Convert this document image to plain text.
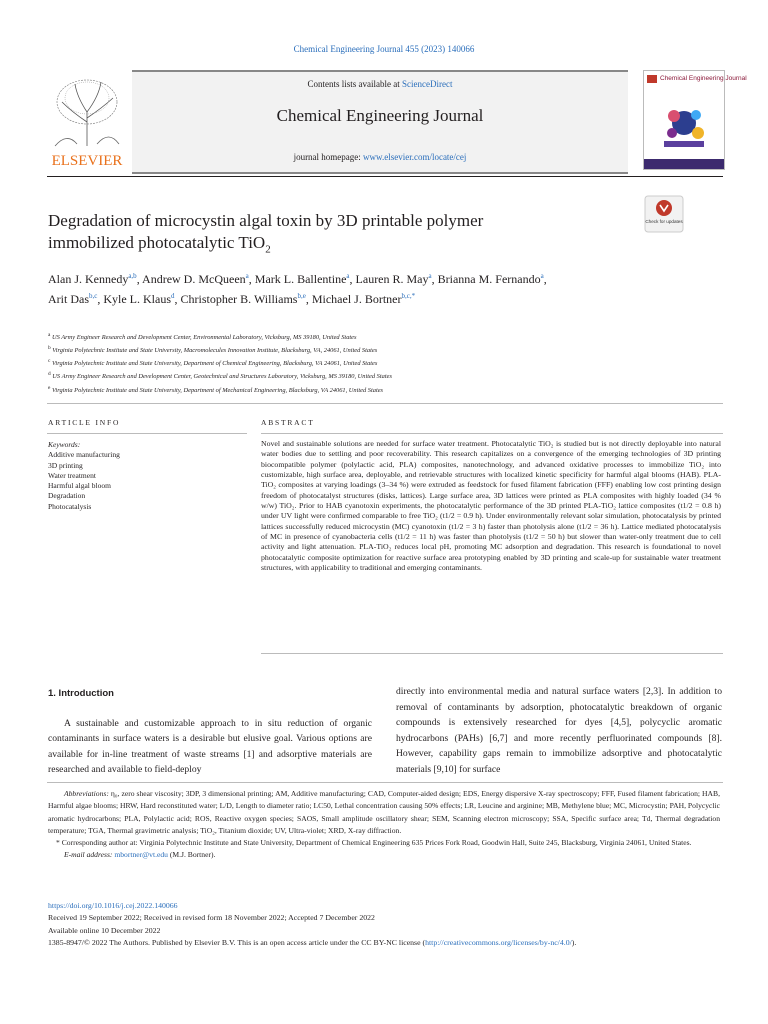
Chemical Engineering Journal 455 (2023) 140066
ELSEVIER
Contents lists available at ScienceDirect
Chemical Engineering Journal
journal homepage: www.elsevier.com/locate/cej
Chemical Engineering Journal
Degradation of microcystin algal toxin by 3D printable polymer
immobilized photocatalytic TiO$_2$
Check for updates
Alan J. Kennedy$^{a,b}$, Andrew D. McQueen$^a$, Mark L. Ballentine$^a$, Lauren R. May$^a$, Brianna M. Fernando$^a$, Arit Das$^{b,c}$, Kyle L. Klaus$^d$, Christopher B. Williams$^{b,e}$, Michael J. Bortner$^{b,c,*}$
$^a$ US Army Engineer Research and Development Center, Environmental Laboratory, Vicksburg, MS 39180, United States
$^b$ Virginia Polytechnic Institute and State University, Macromolecules Innovation Institute, Blacksburg, VA, 24061, United States
$^c$ Virginia Polytechnic Institute and State University, Department of Chemical Engineering, Blacksburg, VA 24061, United States
$^d$ US Army Engineer Research and Development Center, Geotechnical and Structures Laboratory, Vicksburg, MS 39180, United States
$^e$ Virginia Polytechnic Institute and State University, Department of Mechanical Engineering, Blacksburg, VA 24061, United States
ARTICLE INFO	ABSTRACT
Keywords:
Additive manufacturing
3D printing
Water treatment
Harmful algal bloom
Degradation
Photocatalysis
Novel and sustainable solutions are needed for surface water treatment. Photocatalytic TiO₂ is studied but is not directly deployable into natural water bodies due to settling and poor recoverability. This research capitalizes on a convergence of the emerging technologies of 3D printing biocompatible polymer (polylactic acid, PLA) composites, nanotechnology, and advanced oxidative processes to immobilize TiO₂ into customizable, high surface area, deployable, and retrievable structures with localized kinetic specificity for harmful algal blooms (HAB). PLA-TiO₂ composites at varying loadings (3–34 %) were extruded as feedstock for fused filament fabrication (FFF) enabling low cost printing design freedom of photocatalyst structures (disks, lattices). Large surface area, 3D lattices were printed as PLA composites with highly loaded (34 % w/w) TiO₂. Prior to HAB cyanotoxin experiments, the photocatalytic performance of the 3D printed PLA-TiO₂ lattice composites (t1/2 = 0.8 h) under UV light were confirmed comparable to free TiO₂ (t1/2 = 0.9 h). Under environmentally relevant solar simulation, photocatalysis by printed lattices successfully reduced microcystin (MC) cyanotoxin (t1/2 = 3 h) faster than photolysis alone (t1/2 = 36 h). Lattice mediated photocatalysis of MC in presence of cyanobacteria cells (t1/2 = 11 h) was faster than photolysis (t1/2 = 50 h) but slower than water-only treatment due to cell activity and light attenuation. PLA-TiO₂ reduces local pH, promoting MC adsorption and degradation. This research is foundational to novel photocatalytic composite optimization for reactive surface area prototyping enabled by 3D printing and scale-up for sustainable water treatment structures, with applicability to traditional and emerging contaminants.
1. Introduction
A sustainable and customizable approach to in situ reduction of organic contaminants in surface waters is a desirable but elusive goal. Various options are available for in-line treatment of waste streams [1] and adsorptive materials are researched and available to field-deploy
directly into environmental media and natural surface waters [2,3]. In addition to removal of contaminants by adsorption, photocatalytic breakdown of organic compounds is extensively researched for dyes [4,5], polycyclic aromatic hydrocarbons (PAHs) [6,7] and more recently perfluorinated compounds [8]. However, capability gaps remain to immobilize adsorptive and photocatalytic materials [9,10] for surface
Abbreviations: η₀, zero shear viscosity; 3DP, 3 dimensional printing; AM, Additive manufacturing; CAD, Computer-aided design; EDS, Energy dispersive X-ray spectroscopy; FFF, Fused filament fabrication; HAB, Harmful algae blooms; HRW, Hard reconstituted water; L/D, Length to diameter ratio; LC50, Lethal concentration causing 50% effects; LR, Leucine and arginine; MB, Methylene blue; MC, Microcystin; PAH, Polycyclic aromatic hydrocarbons; PLA, Polylactic acid; ROS, Reactive oxygen species; SAOS, Small amplitude oscillatory shear; SEM, Scanning electron microscopy; SSA, Specific surface area; Td, Thermal degradation temperature; TGA, Thermal gravimetric analysis; TiO₂, Titanium dioxide; UV, Ultra-violet; XRD, X-ray diffraction.
* Corresponding author at: Virginia Polytechnic Institute and State University, Department of Chemical Engineering 635 Prices Fork Road, Goodwin Hall, Suite 245, Blacksburg, Virginia 24061, United States.
E-mail address: mbortner@vt.edu (M.J. Bortner).
https://doi.org/10.1016/j.cej.2022.140066
Received 19 September 2022; Received in revised form 18 November 2022; Accepted 7 December 2022
Available online 10 December 2022
1385-8947/© 2022 The Authors. Published by Elsevier B.V. This is an open access article under the CC BY-NC license (http://creativecommons.org/licenses/by-nc/4.0/).
